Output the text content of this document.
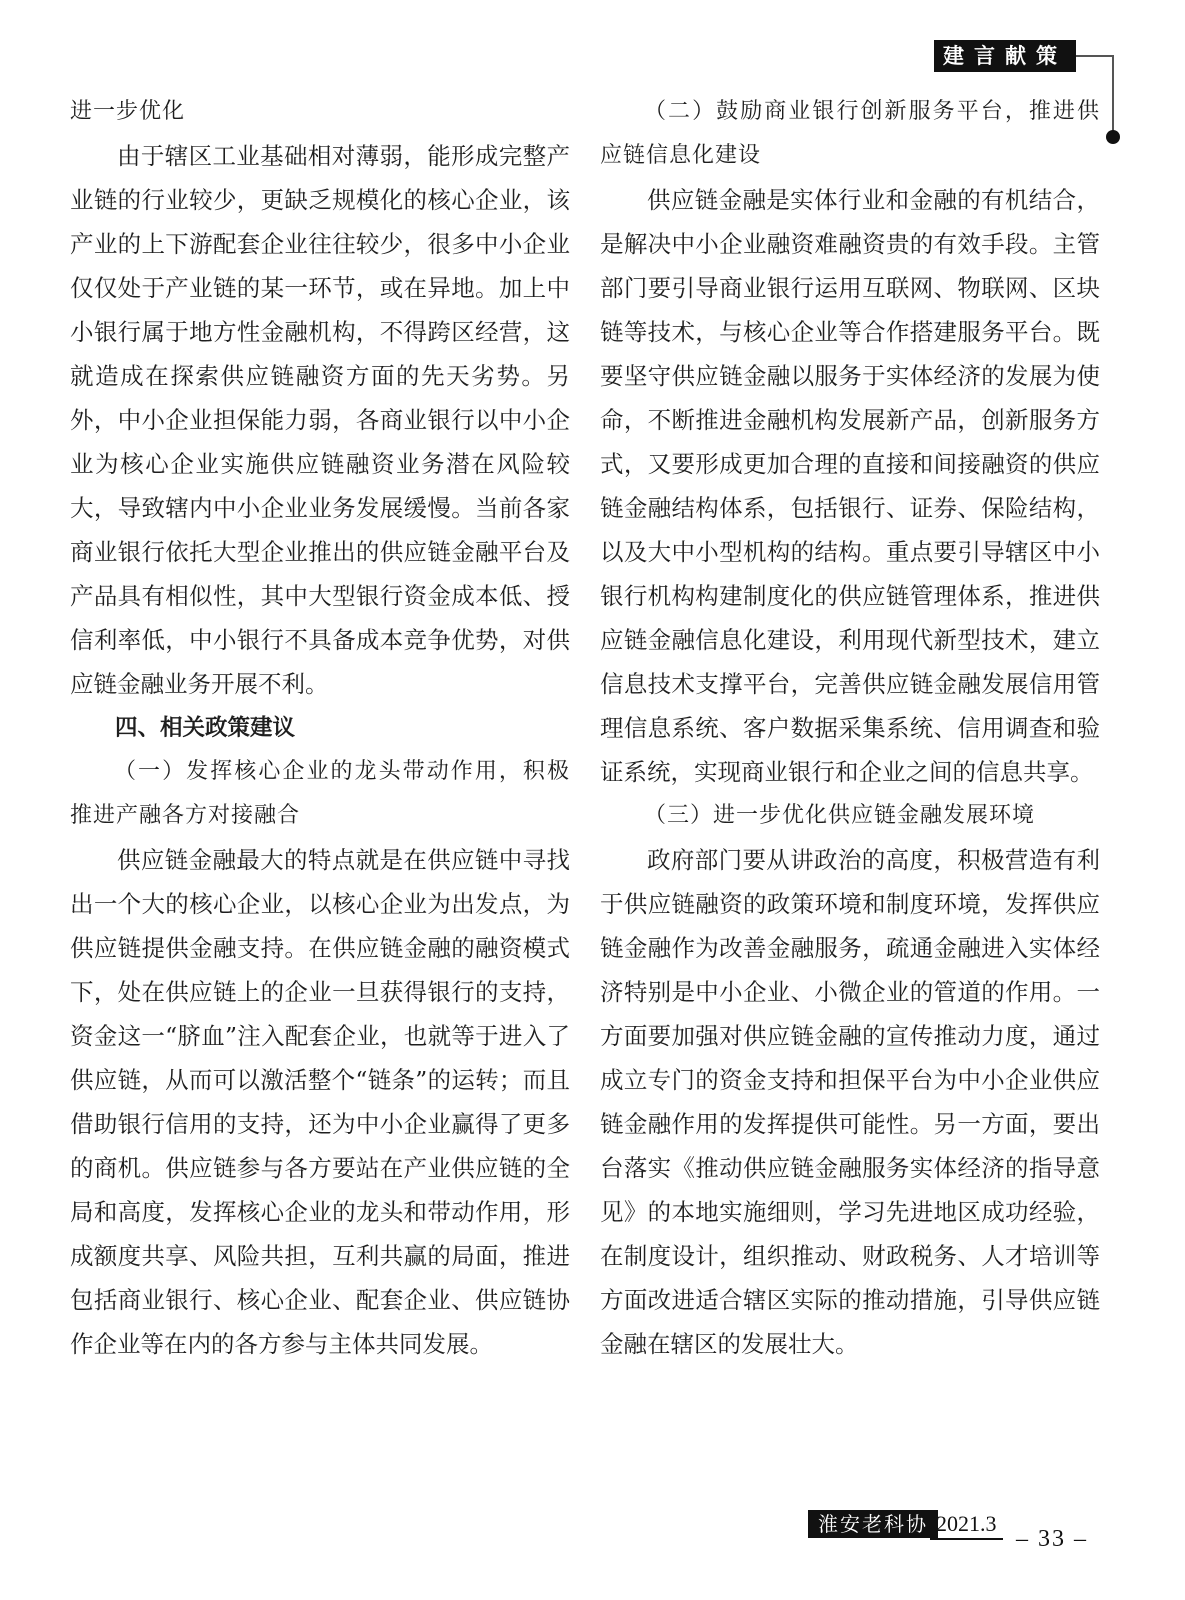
建言献策

进一步优化

由于辖区工业基础相对薄弱，能形成完整产业链的行业较少，更缺乏规模化的核心企业，该产业的上下游配套企业往往较少，很多中小企业仅仅处于产业链的某一环节，或在异地。加上中小银行属于地方性金融机构，不得跨区经营，这就造成在探索供应链融资方面的先天劣势。另外，中小企业担保能力弱，各商业银行以中小企业为核心企业实施供应链融资业务潜在风险较大，导致辖内中小企业业务发展缓慢。当前各家商业银行依托大型企业推出的供应链金融平台及产品具有相似性，其中大型银行资金成本低、授信利率低，中小银行不具备成本竞争优势，对供应链金融业务开展不利。

四、相关政策建议

（一）发挥核心企业的龙头带动作用，积极推进产融各方对接融合

供应链金融最大的特点就是在供应链中寻找出一个大的核心企业，以核心企业为出发点，为供应链提供金融支持。在供应链金融的融资模式下，处在供应链上的企业一旦获得银行的支持，资金这一“脐血”注入配套企业，也就等于进入了供应链，从而可以激活整个“链条”的运转；而且借助银行信用的支持，还为中小企业赢得了更多的商机。供应链参与各方要站在产业供应链的全局和高度，发挥核心企业的龙头和带动作用，形成额度共享、风险共担，互利共赢的局面，推进包括商业银行、核心企业、配套企业、供应链协作企业等在内的各方参与主体共同发展。

（二）鼓励商业银行创新服务平台，推进供应链信息化建设

供应链金融是实体行业和金融的有机结合，是解决中小企业融资难融资贵的有效手段。主管部门要引导商业银行运用互联网、物联网、区块链等技术，与核心企业等合作搭建服务平台。既要坚守供应链金融以服务于实体经济的发展为使命，不断推进金融机构发展新产品，创新服务方式，又要形成更加合理的直接和间接融资的供应链金融结构体系，包括银行、证券、保险结构，以及大中小型机构的结构。重点要引导辖区中小银行机构构建制度化的供应链管理体系，推进供应链金融信息化建设，利用现代新型技术，建立信息技术支撑平台，完善供应链金融发展信用管理信息系统、客户数据采集系统、信用调查和验证系统，实现商业银行和企业之间的信息共享。

（三）进一步优化供应链金融发展环境

政府部门要从讲政治的高度，积极营造有利于供应链融资的政策环境和制度环境，发挥供应链金融作为改善金融服务，疏通金融进入实体经济特别是中小企业、小微企业的管道的作用。一方面要加强对供应链金融的宣传推动力度，通过成立专门的资金支持和担保平台为中小企业供应链金融作用的发挥提供可能性。另一方面，要出台落实《推动供应链金融服务实体经济的指导意见》的本地实施细则，学习先进地区成功经验，在制度设计，组织推动、财政税务、人才培训等方面改进适合辖区实际的推动措施，引导供应链金融在辖区的发展壮大。

淮安老科协 2021.3
– 33 –
